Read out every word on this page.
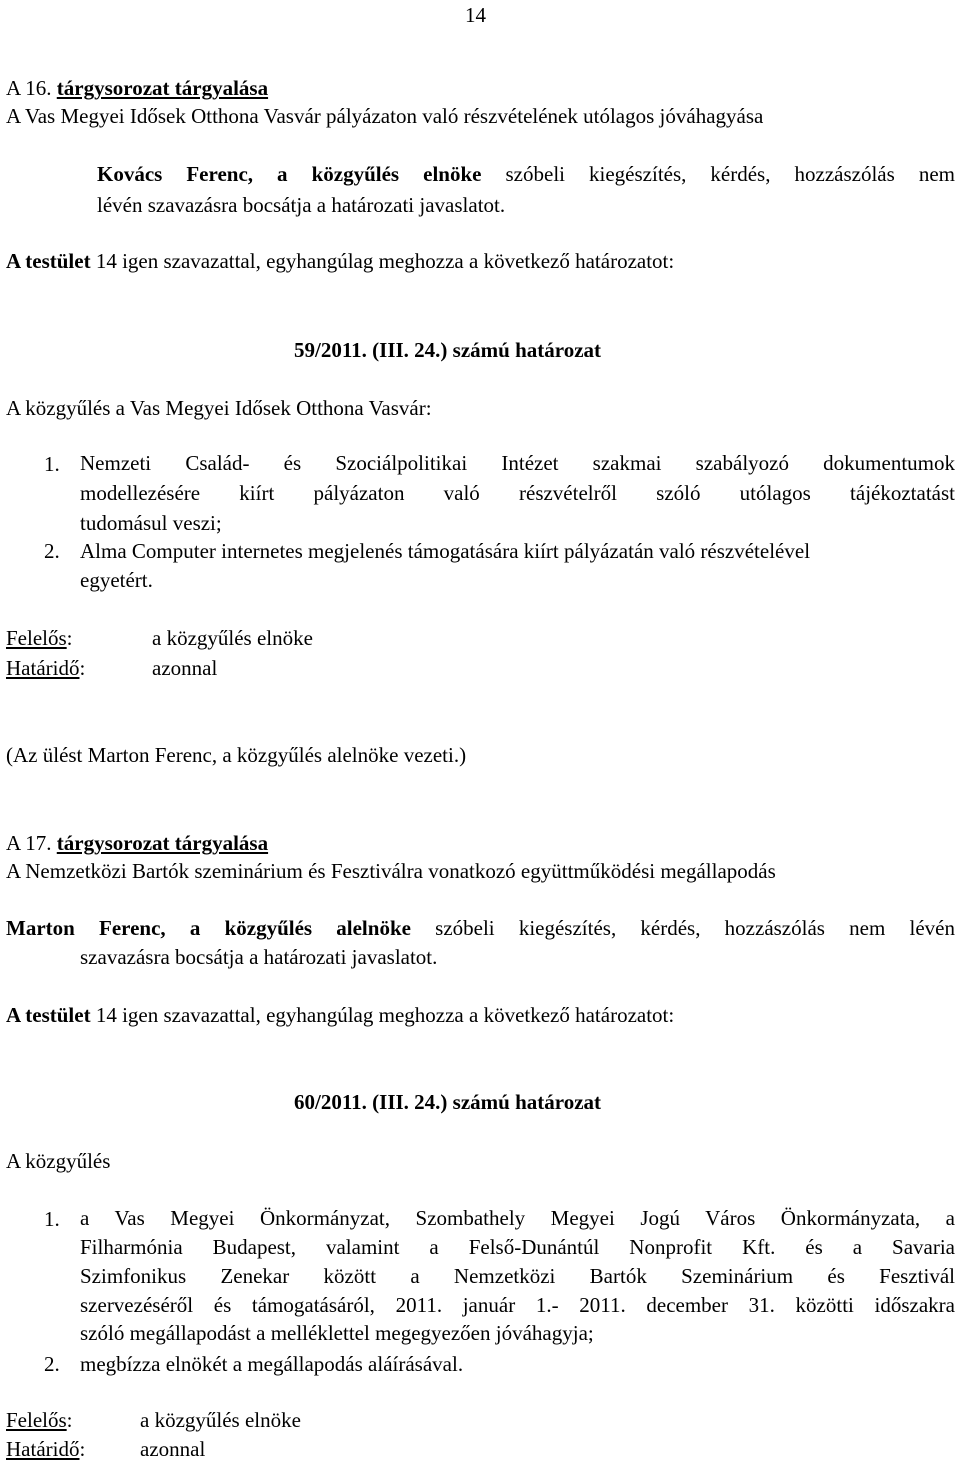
14
A 16. tárgysorozat tárgyalása
A Vas Megyei Idősek Otthona Vasvár pályázaton való részvételének utólagos jóváhagyása
Kovács Ferenc, a közgyűlés elnöke szóbeli kiegészítés, kérdés, hozzászólás nem
lévén szavazásra bocsátja a határozati javaslatot.
A testület 14 igen szavazattal, egyhangúlag meghozza a következő határozatot:
59/2011. (III. 24.) számú határozat
A közgyűlés a Vas Megyei Idősek Otthona Vasvár:
1. Nemzeti Család- és Szociálpolitikai Intézet szakmai szabályozó dokumentumok
modellezésére kiírt pályázaton való részvételről szóló utólagos tájékoztatást
tudomásul veszi;
2. Alma Computer internetes megjelenés támogatására kiírt pályázatán való részvételével
egyetért.
Felelős:	a közgyűlés elnöke
Határidő:	azonnal
(Az ülést Marton Ferenc, a közgyűlés alelnöke vezeti.)
A 17. tárgysorozat tárgyalása
A Nemzetközi Bartók szeminárium és Fesztiválra vonatkozó együttműködési megállapodás
Marton Ferenc, a közgyűlés alelnöke szóbeli kiegészítés, kérdés, hozzászólás nem lévén
szavazásra bocsátja a határozati javaslatot.
A testület 14 igen szavazattal, egyhangúlag meghozza a következő határozatot:
60/2011. (III. 24.) számú határozat
A közgyűlés
1. a Vas Megyei Önkormányzat, Szombathely Megyei Jogú Város Önkormányzata, a
Filharmónia Budapest, valamint a Felső-Dunántúl Nonprofit Kft. és a Savaria
Szimfonikus Zenekar között a Nemzetközi Bartók Szeminárium és Fesztivál
szervezéséről és támogatásáról, 2011. január 1.- 2011. december 31. közötti időszakra
szóló megállapodást a melléklettel megegyezően jóváhagyja;
2. megbízza elnökét a megállapodás aláírásával.
Felelős:	a közgyűlés elnöke
Határidő:	azonnal
